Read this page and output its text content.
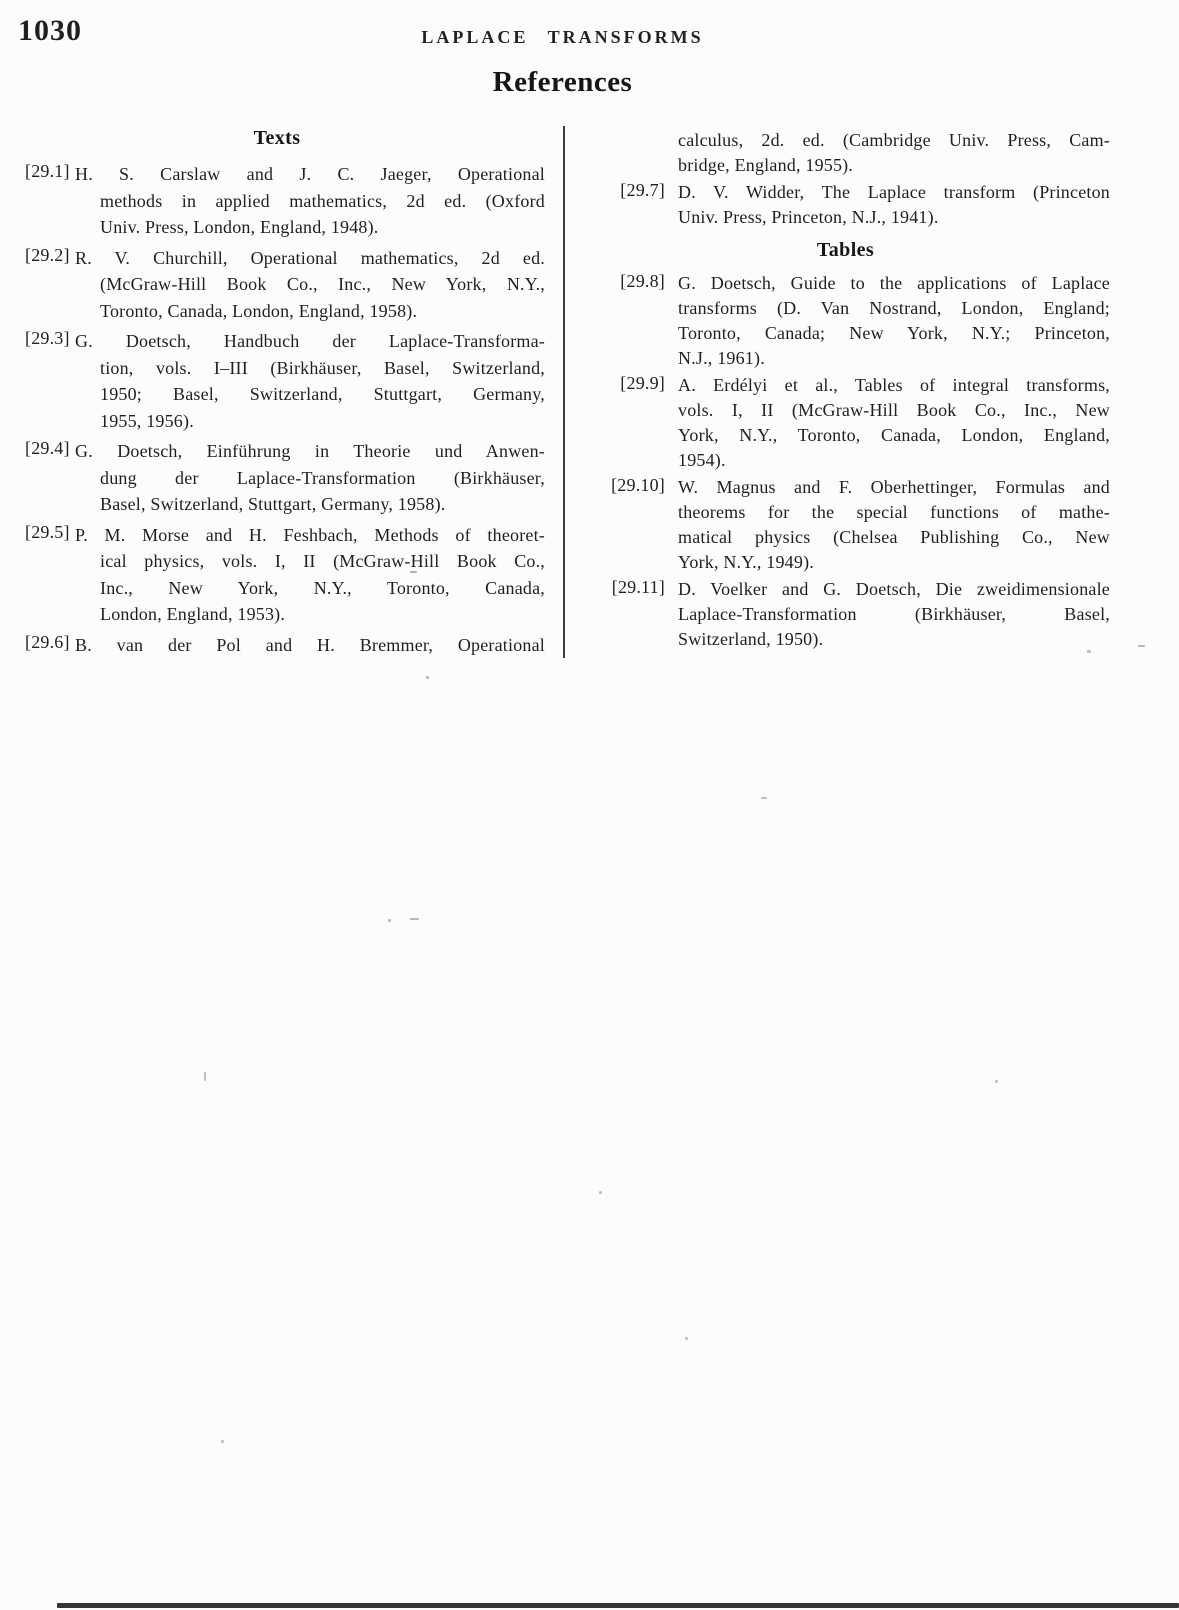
1030	LAPLACE TRANSFORMS
References
Texts
[29.1] H. S. Carslaw and J. C. Jaeger, Operational
methods in applied mathematics, 2d ed. (Oxford
Univ. Press, London, England, 1948).
[29.2] R. V. Churchill, Operational mathematics, 2d ed.
(McGraw-Hill Book Co., Inc., New York, N.Y.,
Toronto, Canada, London, England, 1958).
[29.3] G. Doetsch, Handbuch der Laplace-Transforma-
tion, vols. I–III (Birkhäuser, Basel, Switzerland,
1950; Basel, Switzerland, Stuttgart, Germany,
1955, 1956).
[29.4] G. Doetsch, Einführung in Theorie und Anwen-
dung der Laplace-Transformation (Birkhäuser,
Basel, Switzerland, Stuttgart, Germany, 1958).
[29.5] P. M. Morse and H. Feshbach, Methods of theoret-
ical physics, vols. I, II (McGraw-Hill Book Co.,
Inc., New York, N.Y., Toronto, Canada,
London, England, 1953).
[29.6] B. van der Pol and H. Bremmer, Operational
calculus, 2d. ed. (Cambridge Univ. Press, Cam-
bridge, England, 1955).
[29.7] D. V. Widder, The Laplace transform (Princeton
Univ. Press, Princeton, N.J., 1941).
Tables
[29.8] G. Doetsch, Guide to the applications of Laplace
transforms (D. Van Nostrand, London, England;
Toronto, Canada; New York, N.Y.; Princeton,
N.J., 1961).
[29.9] A. Erdélyi et al., Tables of integral transforms,
vols. I, II (McGraw-Hill Book Co., Inc., New
York, N.Y., Toronto, Canada, London, England,
1954).
[29.10] W. Magnus and F. Oberhettinger, Formulas and
theorems for the special functions of mathe-
matical physics (Chelsea Publishing Co., New
York, N.Y., 1949).
[29.11] D. Voelker and G. Doetsch, Die zweidimensionale
Laplace-Transformation (Birkhäuser, Basel,
Switzerland, 1950).
